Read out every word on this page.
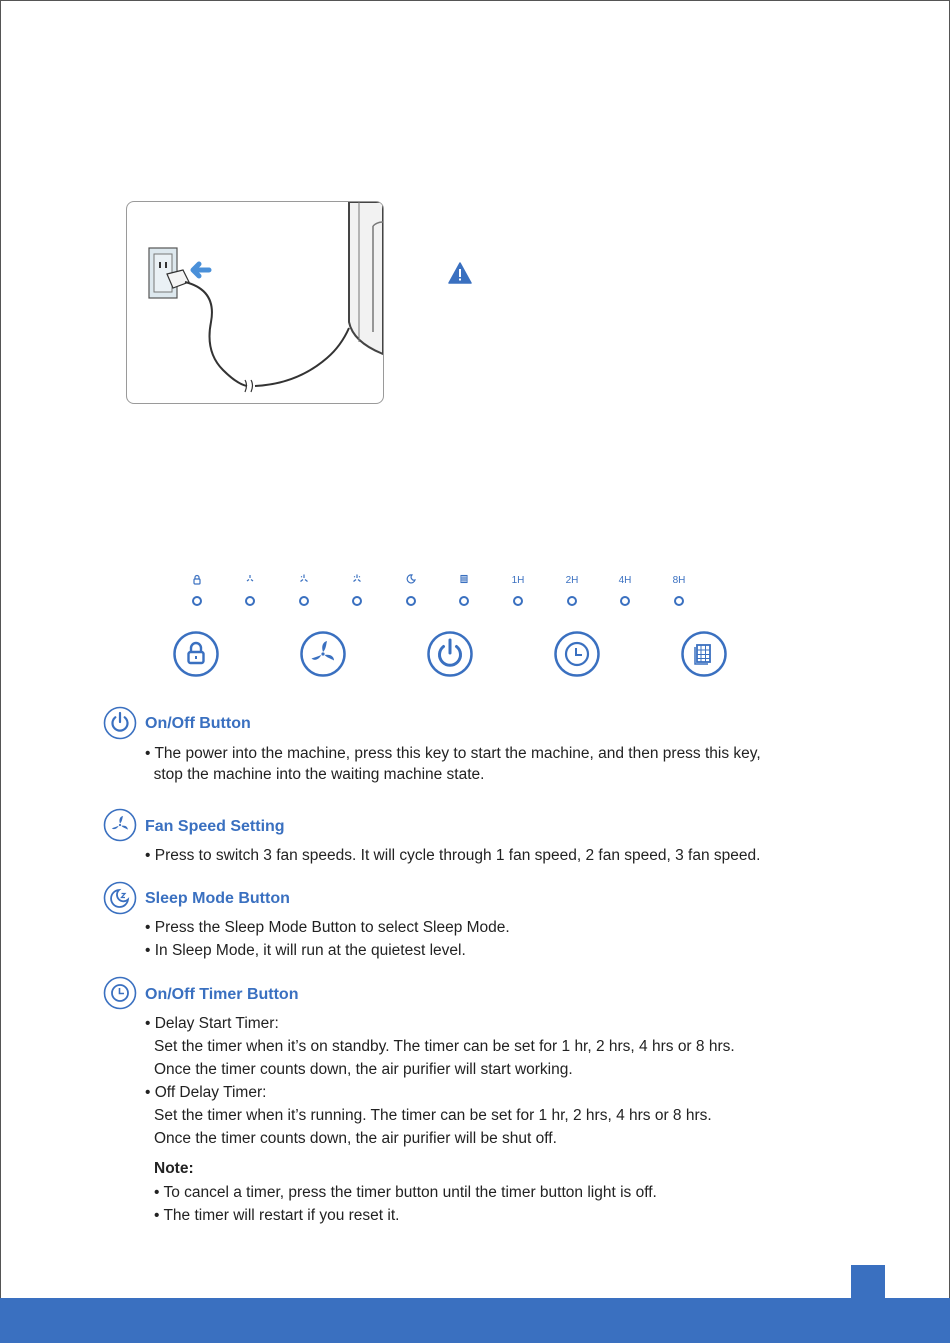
1H	2H	4H	8H
On/Off Button
• The power into the machine, press this key to start the machine, and then press this key,
stop the machine into the waiting machine state.
Fan Speed Setting
• Press to switch 3 fan speeds. It will cycle through 1 fan speed, 2 fan speed, 3 fan speed.
Sleep Mode Button
• Press the Sleep Mode Button to select Sleep Mode.
• In Sleep Mode, it will run at the quietest level.
On/Off Timer Button
• Delay Start Timer:
Set the timer when it’s on standby. The timer can be set for 1 hr, 2 hrs, 4 hrs or 8 hrs.
Once the timer counts down, the air purifier will start working.
• Off Delay Timer:
Set the timer when it’s running. The timer can be set for 1 hr, 2 hrs, 4 hrs or 8 hrs.
Once the timer counts down, the air purifier will be shut off.
Note:
• To cancel a timer, press the timer button until the timer button light is off.
• The timer will restart if you reset it.
